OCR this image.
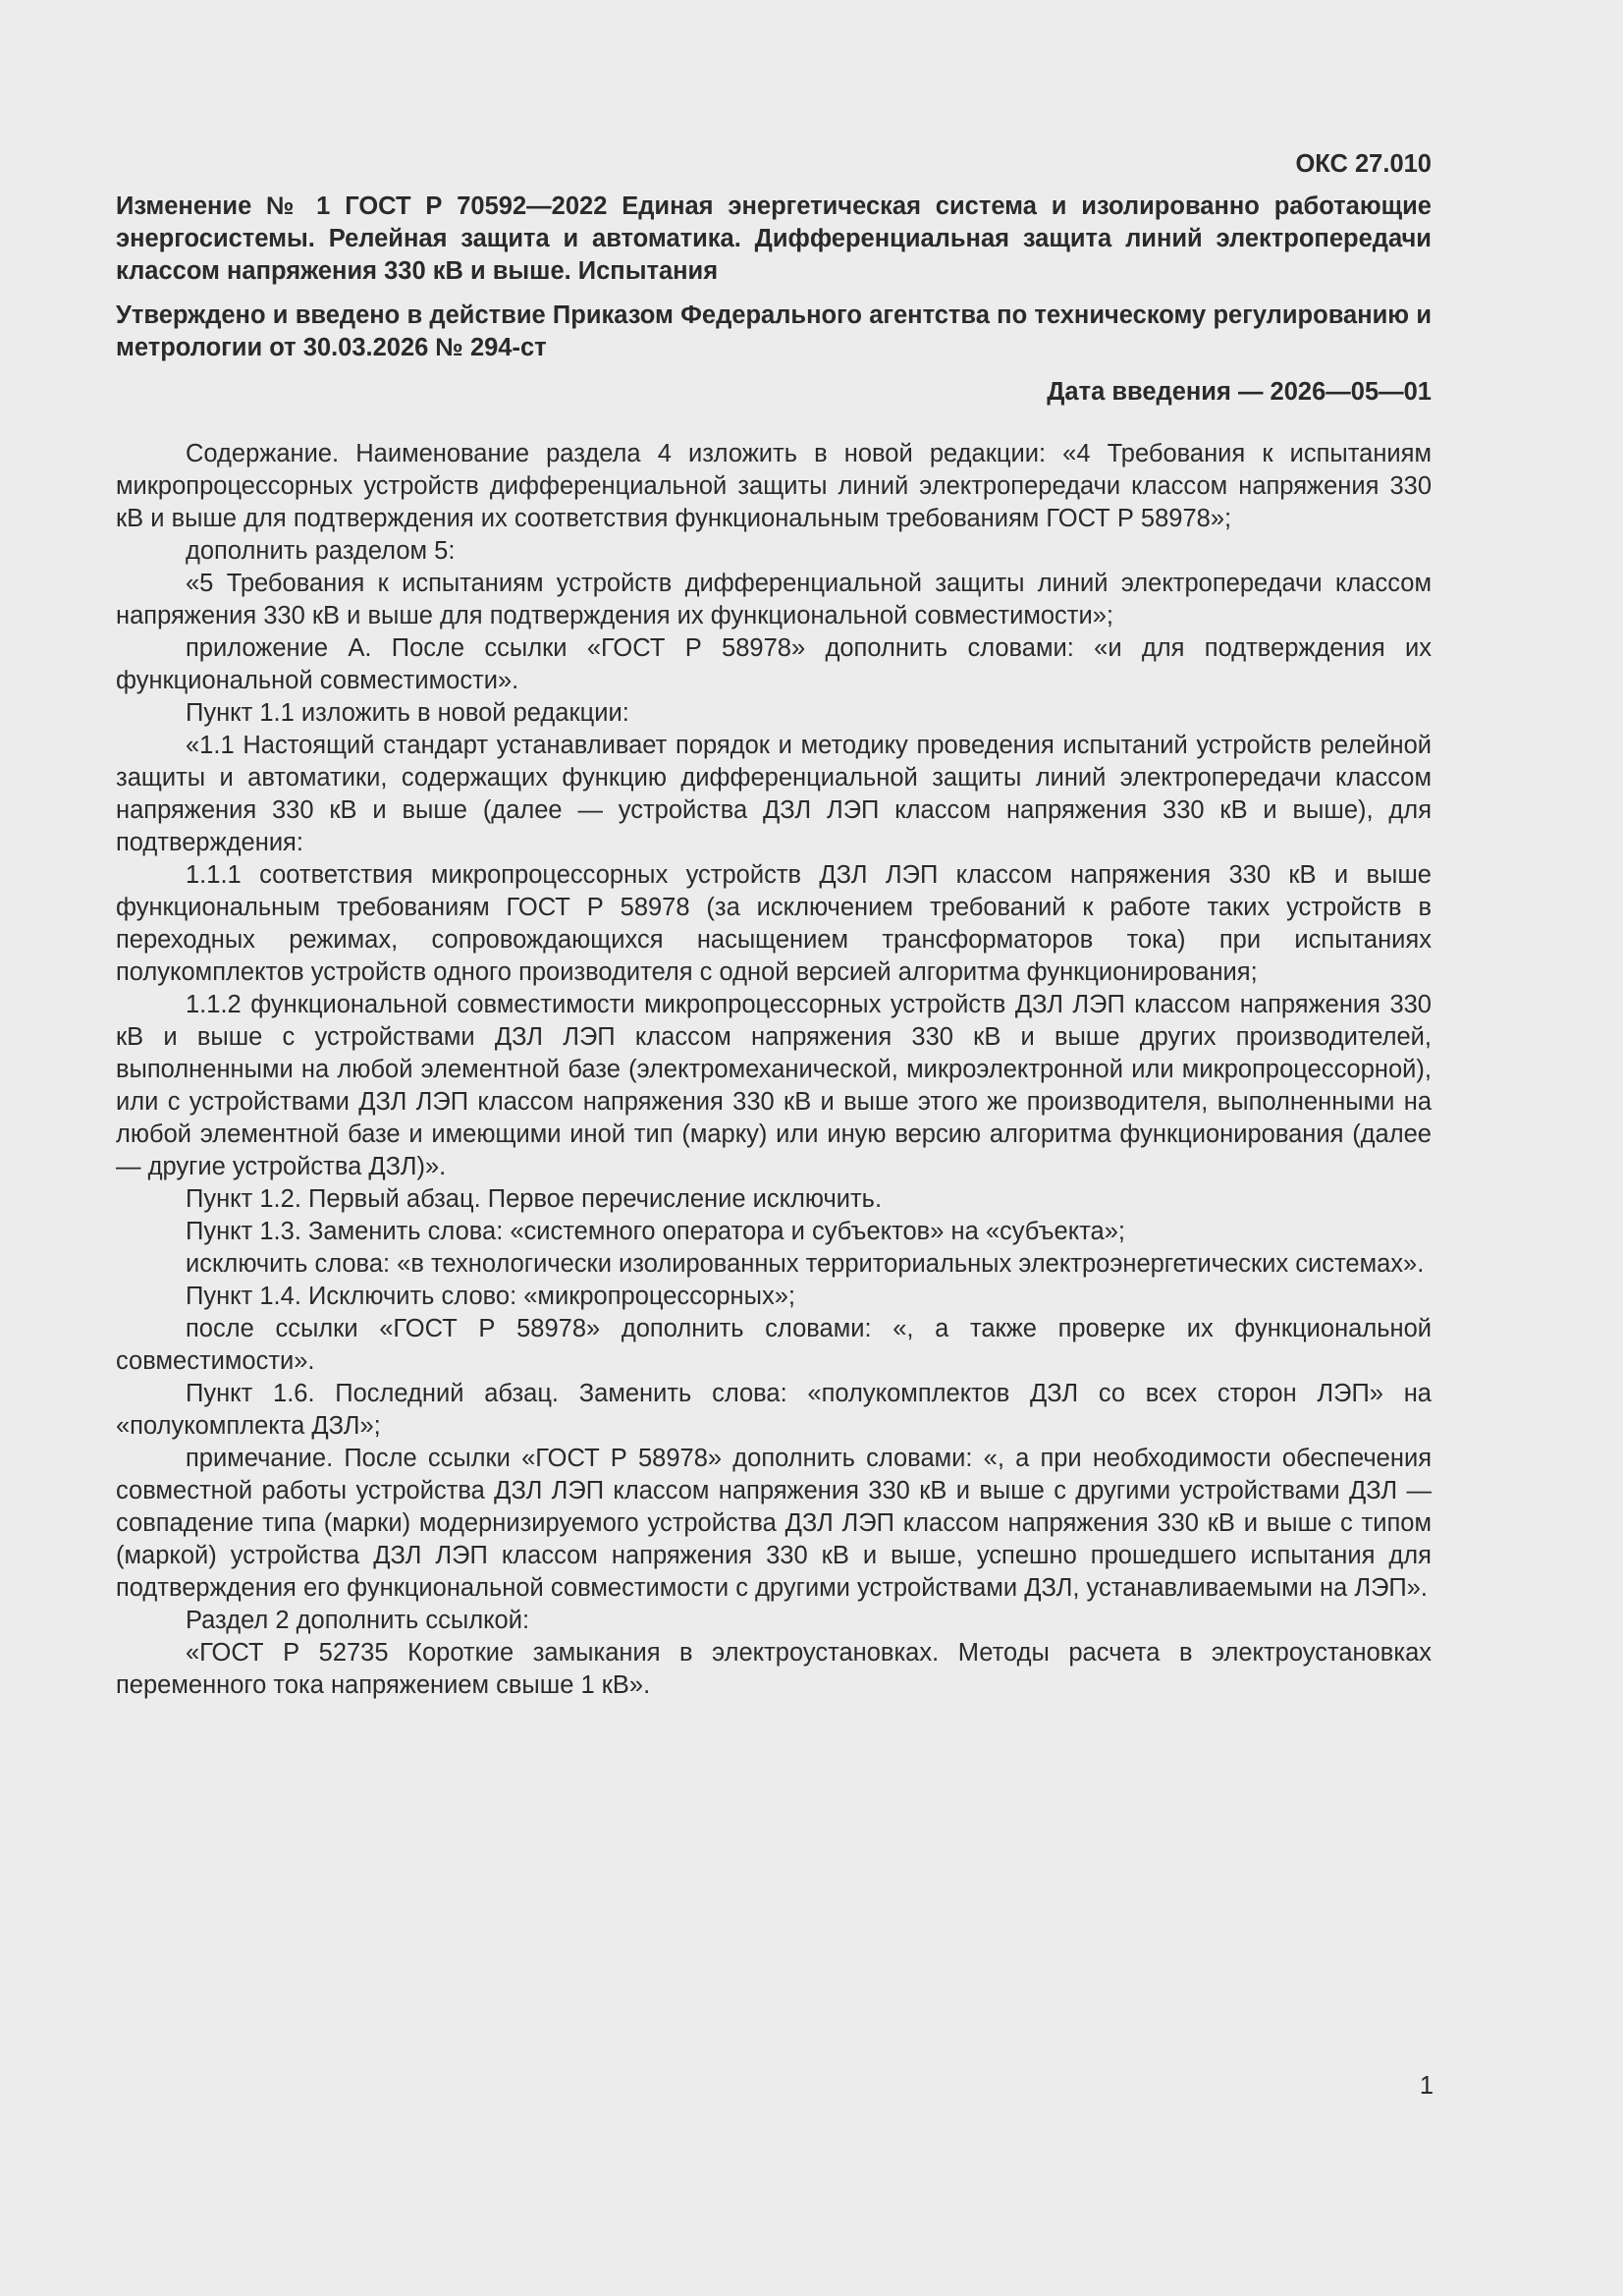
ОКС 27.010

Изменение № 1 ГОСТ Р 70592—2022 Единая энергетическая система и изолированно работающие энергосистемы. Релейная защита и автоматика. Дифференциальная защита линий электропередачи классом напряжения 330 кВ и выше. Испытания

Утверждено и введено в действие Приказом Федерального агентства по техническому регулированию и метрологии от 30.03.2026 № 294-ст

Дата введения — 2026—05—01

Содержание. Наименование раздела 4 изложить в новой редакции: «4 Требования к испытаниям микропроцессорных устройств дифференциальной защиты линий электропередачи классом напряжения 330 кВ и выше для подтверждения их соответствия функциональным требованиям ГОСТ Р 58978»;

дополнить разделом 5:

«5 Требования к испытаниям устройств дифференциальной защиты линий электропередачи классом напряжения 330 кВ и выше для подтверждения их функциональной совместимости»;

приложение А. После ссылки «ГОСТ Р 58978» дополнить словами: «и для подтверждения их функциональной совместимости».

Пункт 1.1 изложить в новой редакции:

«1.1 Настоящий стандарт устанавливает порядок и методику проведения испытаний устройств релейной защиты и автоматики, содержащих функцию дифференциальной защиты линий электропередачи классом напряжения 330 кВ и выше (далее — устройства ДЗЛ ЛЭП классом напряжения 330 кВ и выше), для подтверждения:

1.1.1 соответствия микропроцессорных устройств ДЗЛ ЛЭП классом напряжения 330 кВ и выше функциональным требованиям ГОСТ Р 58978 (за исключением требований к работе таких устройств в переходных режимах, сопровождающихся насыщением трансформаторов тока) при испытаниях полукомплектов устройств одного производителя с одной версией алгоритма функционирования;

1.1.2 функциональной совместимости микропроцессорных устройств ДЗЛ ЛЭП классом напряжения 330 кВ и выше с устройствами ДЗЛ ЛЭП классом напряжения 330 кВ и выше других производителей, выполненными на любой элементной базе (электромеханической, микроэлектронной или микропроцессорной), или с устройствами ДЗЛ ЛЭП классом напряжения 330 кВ и выше этого же производителя, выполненными на любой элементной базе и имеющими иной тип (марку) или иную версию алгоритма функционирования (далее — другие устройства ДЗЛ)».

Пункт 1.2. Первый абзац. Первое перечисление исключить.

Пункт 1.3. Заменить слова: «системного оператора и субъектов» на «субъекта»;

исключить слова: «в технологически изолированных территориальных электроэнергетических системах».

Пункт 1.4. Исключить слово: «микропроцессорных»;

после ссылки «ГОСТ Р 58978» дополнить словами: «, а также проверке их функциональной совместимости».

Пункт 1.6. Последний абзац. Заменить слова: «полукомплектов ДЗЛ со всех сторон ЛЭП» на «полукомплекта ДЗЛ»;

примечание. После ссылки «ГОСТ Р 58978» дополнить словами: «, а при необходимости обеспечения совместной работы устройства ДЗЛ ЛЭП классом напряжения 330 кВ и выше с другими устройствами ДЗЛ — совпадение типа (марки) модернизируемого устройства ДЗЛ ЛЭП классом напряжения 330 кВ и выше с типом (маркой) устройства ДЗЛ ЛЭП классом напряжения 330 кВ и выше, успешно прошедшего испытания для подтверждения его функциональной совместимости с другими устройствами ДЗЛ, устанавливаемыми на ЛЭП».

Раздел 2 дополнить ссылкой:

«ГОСТ Р 52735 Короткие замыкания в электроустановках. Методы расчета в электроустановках переменного тока напряжением свыше 1 кВ».

1
